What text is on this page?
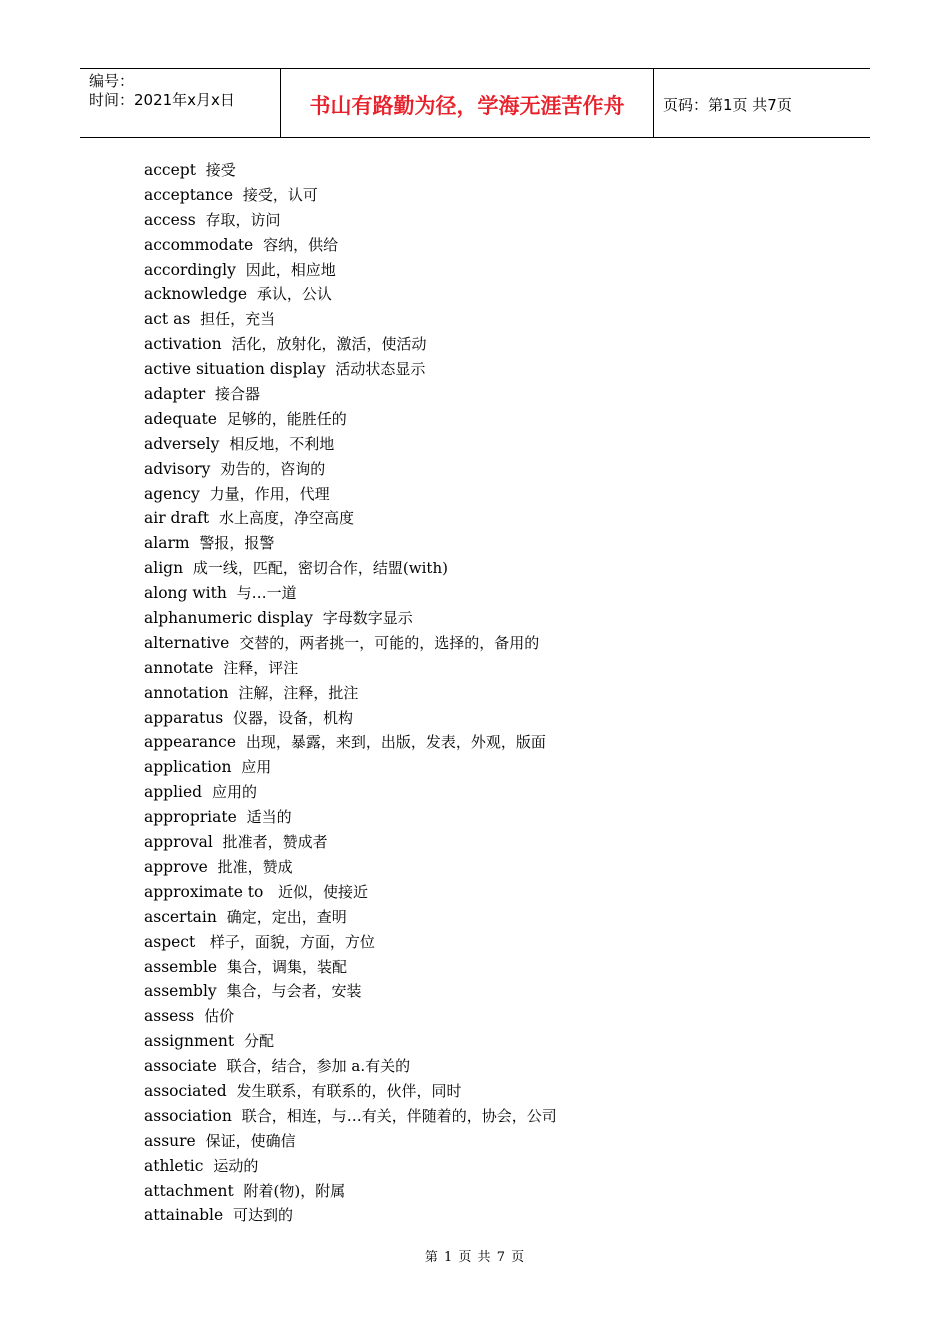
编号：
时间：2021年x月x日	书山有路勤为径，学海无涯苦作舟	页码：第1页 共7页
accept 接受
acceptance 接受，认可
access 存取，访问
accommodate 容纳，供给
accordingly 因此，相应地
acknowledge 承认，公认
act as 担任，充当
activation 活化，放射化，激活，使活动
active situation display 活动状态显示
adapter 接合器
adequate 足够的，能胜任的
adversely 相反地，不利地
advisory 劝告的，咨询的
agency 力量，作用，代理
air draft 水上高度，净空高度
alarm 警报，报警
align 成一线，匹配，密切合作，结盟(with)
along with 与…一道
alphanumeric display 字母数字显示
alternative 交替的，两者挑一，可能的，选择的，备用的
annotate 注释，评注
annotation 注解，注释，批注
apparatus 仪器，设备，机构
appearance 出现，暴露，来到，出版，发表，外观，版面
application 应用
applied 应用的
appropriate 适当的
approval 批准者，赞成者
approve 批准，赞成
approximate to   近似，使接近
ascertain 确定，定出，查明
aspect   样子，面貌，方面，方位
assemble 集合，调集，装配
assembly 集合，与会者，安装
assess 估价
assignment 分配
associate 联合，结合，参加 a.有关的
associated 发生联系，有联系的，伙伴，同时
association 联合，相连，与…有关，伴随着的，协会，公司
assure 保证，使确信
athletic 运动的
attachment 附着(物)，附属
attainable 可达到的
第 1 页 共 7 页
